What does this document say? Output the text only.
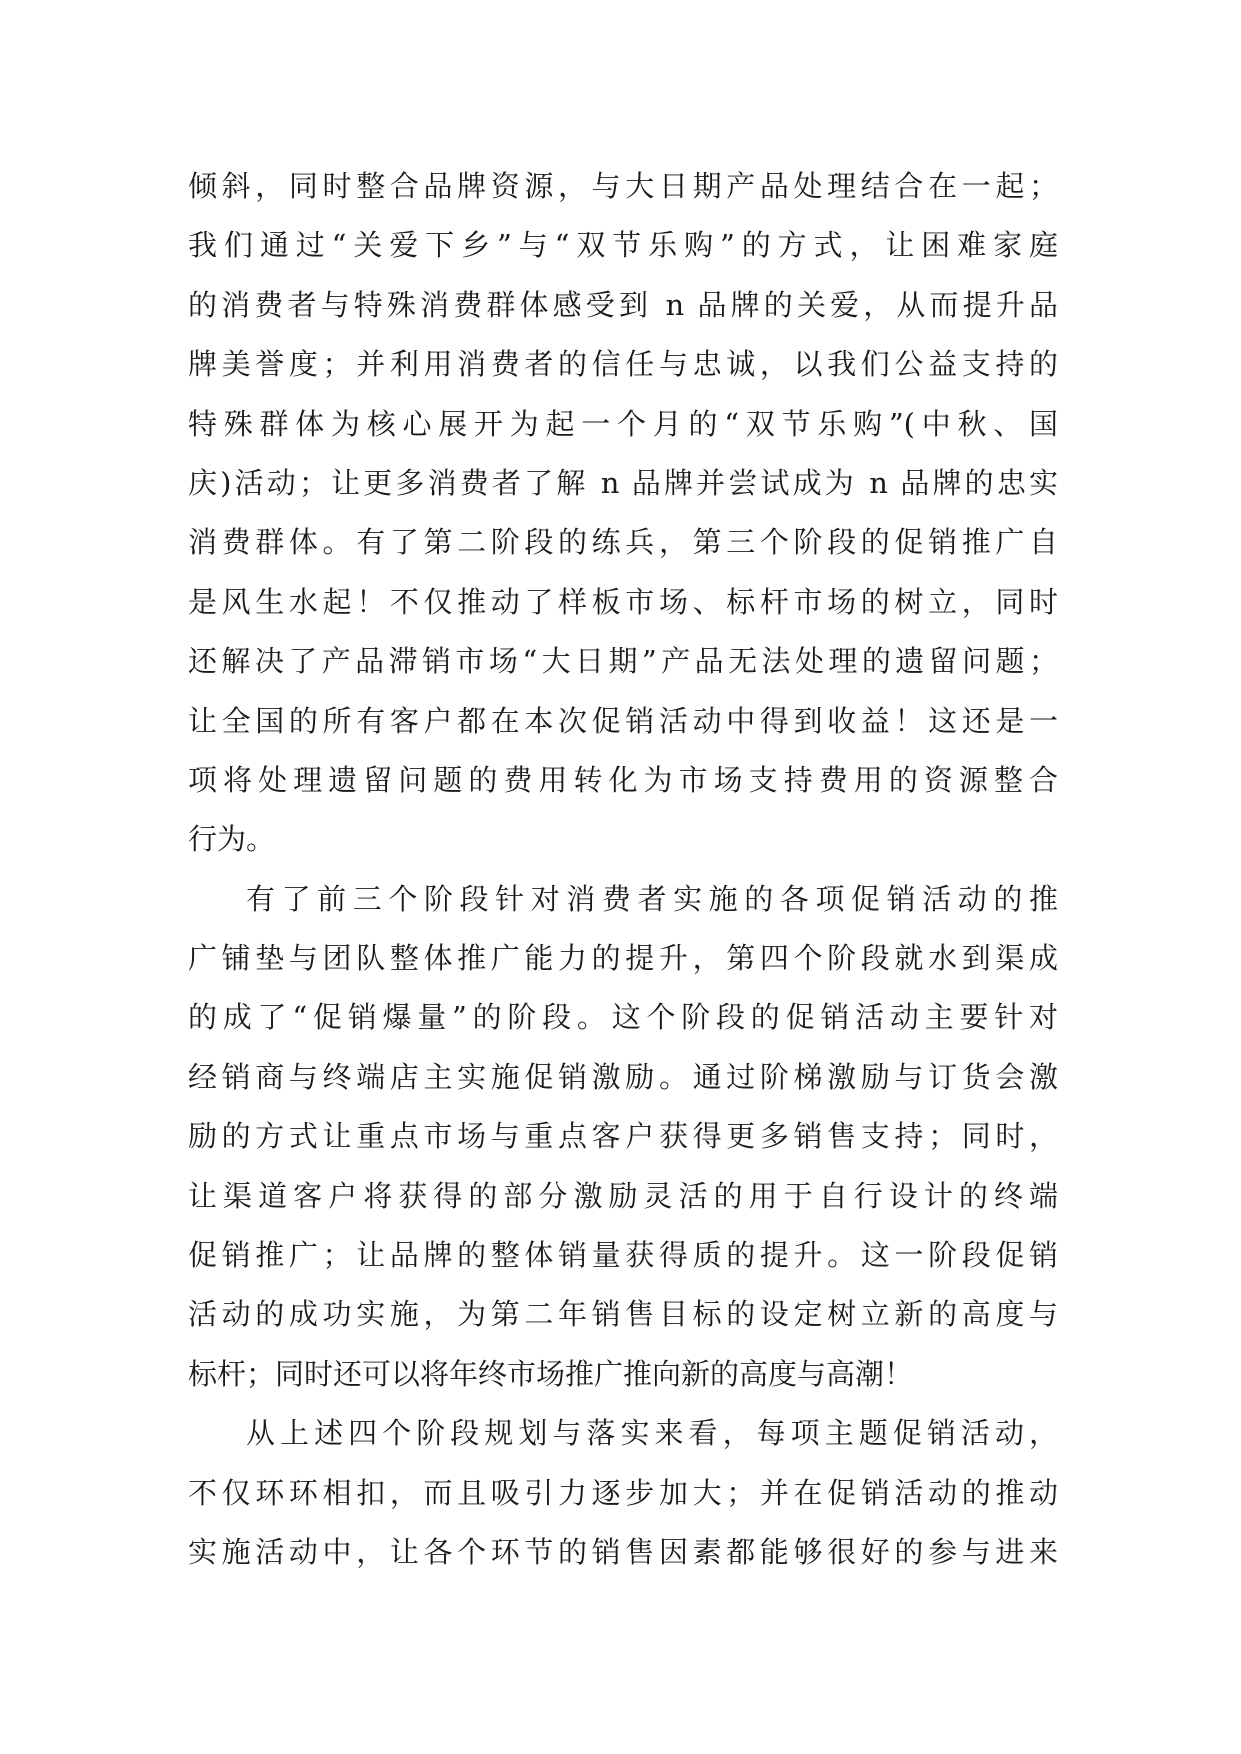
倾斜，同时整合品牌资源，与大日期产品处理结合在一起；
我们通过“关爱下乡”与“双节乐购”的方式，让困难家庭
的消费者与特殊消费群体感受到 n 品牌的关爱，从而提升品
牌美誉度；并利用消费者的信任与忠诚，以我们公益支持的
特殊群体为核心展开为起一个月的“双节乐购”(中秋、国
庆)活动；让更多消费者了解 n 品牌并尝试成为 n 品牌的忠实
消费群体。有了第二阶段的练兵，第三个阶段的促销推广自
是风生水起！不仅推动了样板市场、标杆市场的树立，同时
还解决了产品滞销市场“大日期”产品无法处理的遗留问题；
让全国的所有客户都在本次促销活动中得到收益！这还是一
项将处理遗留问题的费用转化为市场支持费用的资源整合
行为。
有了前三个阶段针对消费者实施的各项促销活动的推
广铺垫与团队整体推广能力的提升，第四个阶段就水到渠成
的成了“促销爆量”的阶段。这个阶段的促销活动主要针对
经销商与终端店主实施促销激励。通过阶梯激励与订货会激
励的方式让重点市场与重点客户获得更多销售支持；同时，
让渠道客户将获得的部分激励灵活的用于自行设计的终端
促销推广；让品牌的整体销量获得质的提升。这一阶段促销
活动的成功实施，为第二年销售目标的设定树立新的高度与
标杆；同时还可以将年终市场推广推向新的高度与高潮！
从上述四个阶段规划与落实来看，每项主题促销活动，
不仅环环相扣，而且吸引力逐步加大；并在促销活动的推动
实施活动中，让各个环节的销售因素都能够很好的参与进来
